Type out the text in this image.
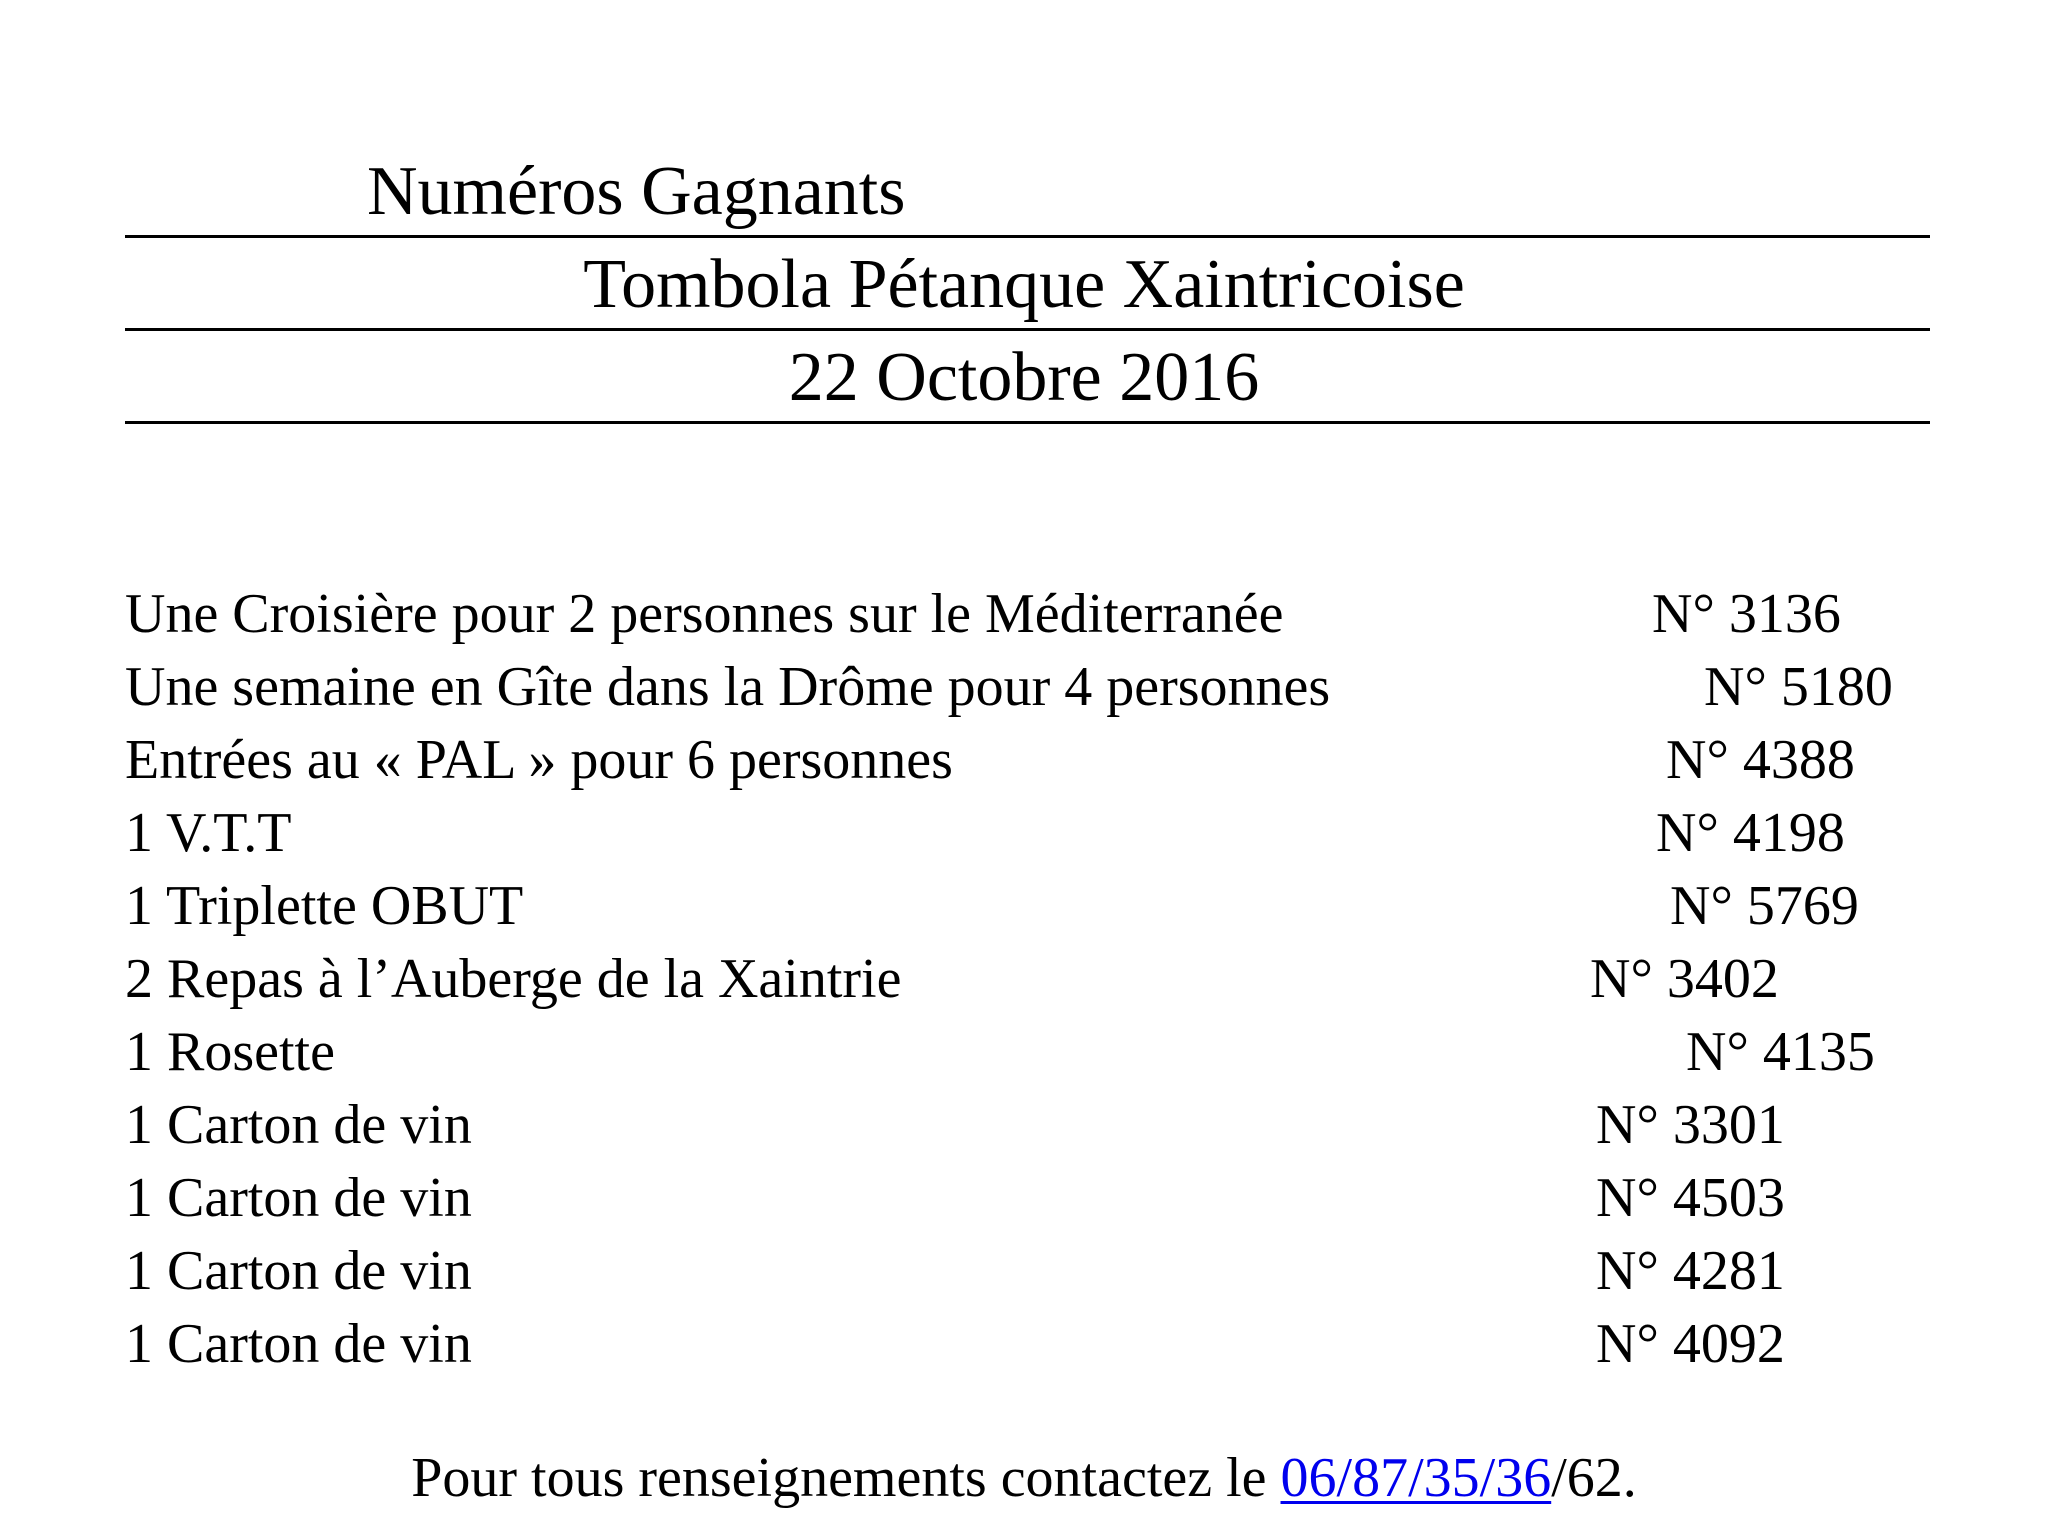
Numéros Gagnants
Tombola Pétanque Xaintricoise
22 Octobre 2016
Une Croisière pour 2 personnes sur le Méditerranée	N° 3136
Une semaine en Gîte dans la Drôme pour 4 personnes	N° 5180
Entrées au « PAL » pour 6 personnes	N° 4388
1 V.T.T	N° 4198
1 Triplette OBUT	N° 5769
2 Repas à l’Auberge de la Xaintrie	N° 3402
1 Rosette	N° 4135
1 Carton de vin	N° 3301
1 Carton de vin	N° 4503
1 Carton de vin	N° 4281
1 Carton de vin	N° 4092
Pour tous renseignements contactez le 06/87/35/36/62.
